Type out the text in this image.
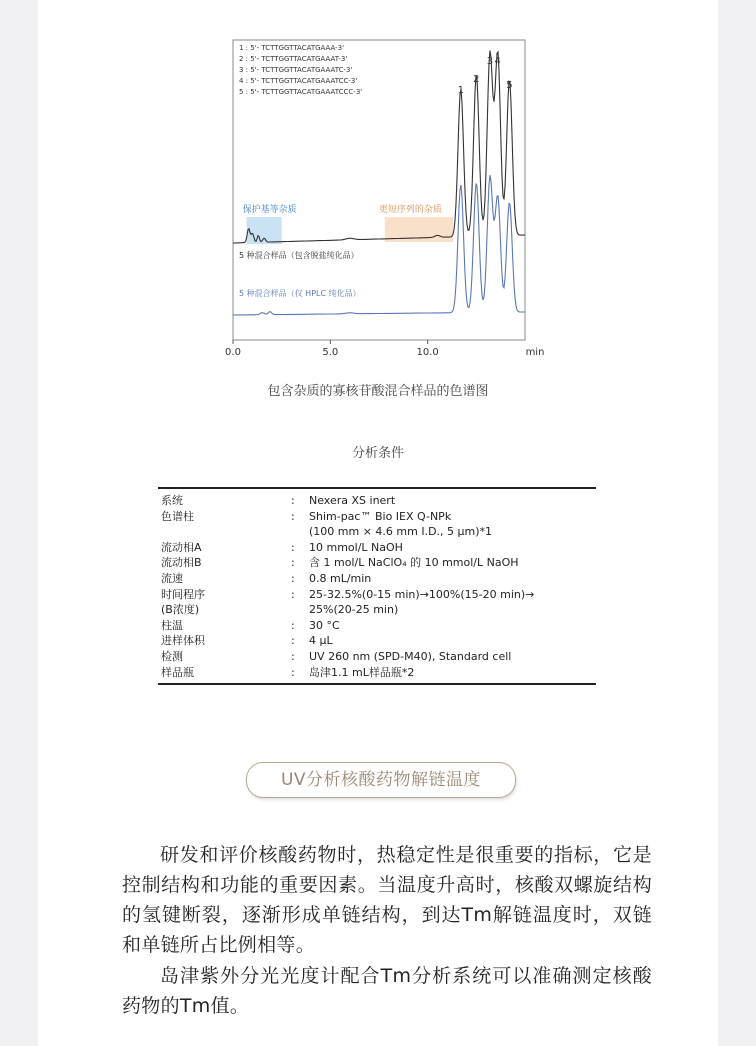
0.0	5.0	10.0	min
1 : 5'- TCTTGGTTACATGAAA-3'
2 : 5'- TCTTGGTTACATGAAAT-3'
3 : 5'- TCTTGGTTACATGAAATC-3'
4 : 5'- TCTTGGTTACATGAAATCC-3'
5 : 5'- TCTTGGTTACATGAAATCCC-3'
保护基等杂质	更短序列的杂质
5 种混合样品（包含脱盐纯化品）
5 种混合样品（仅 HPLC 纯化品）
1
2
3 4
5
包含杂质的寡核苷酸混合样品的色谱图
分析条件
系统	:	Nexera XS inert
色谱柱	:	Shim-pac™ Bio IEX Q-NPk
(100 mm × 4.6 mm I.D., 5 μm)*1
流动相A	:	10 mmol/L NaOH
流动相B	:	含 1 mol/L NaClO₄ 的 10 mmol/L NaOH
流速	:	0.8 mL/min
时间程序	:	25-32.5%(0-15 min)→100%(15-20 min)→
(B浓度)	25%(20-25 min)
柱温	:	30 °C
进样体积	:	4 μL
检测	:	UV 260 nm (SPD-M40), Standard cell
样品瓶	:	岛津1.1 mL样品瓶*2
UV分析核酸药物解链温度
研发和评价核酸药物时，热稳定性是很重要的指标，它是控制结构和功能的重要因素。当温度升高时，核酸双螺旋结构的氢键断裂，逐渐形成单链结构，到达Tm解链温度时，双链和单链所占比例相等。
岛津紫外分光光度计配合Tm分析系统可以准确测定核酸药物的Tm值。
